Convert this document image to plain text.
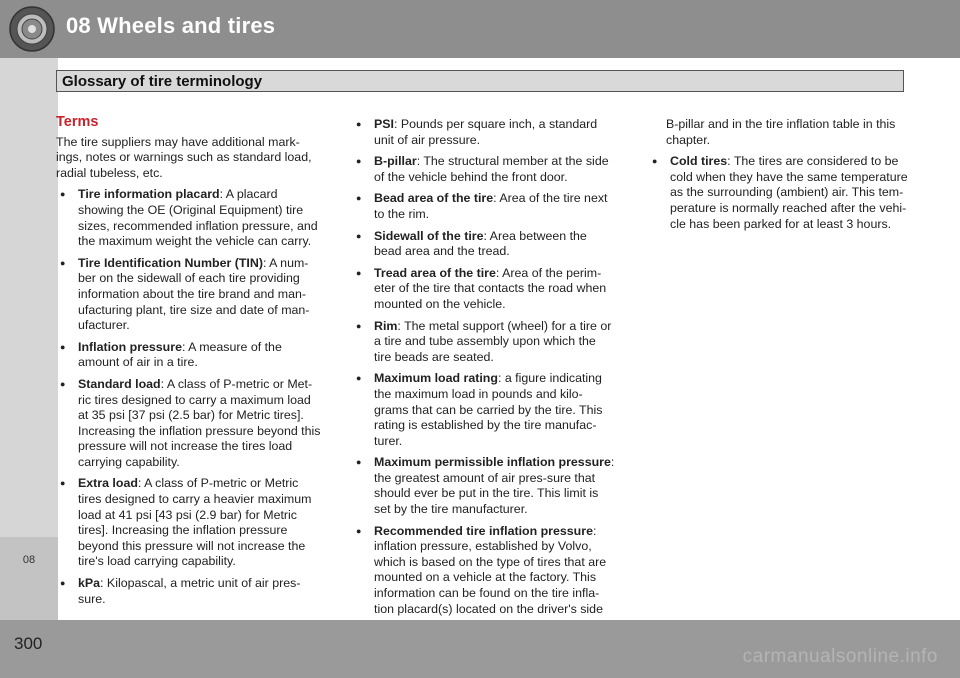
08 Wheels and tires
08
Glossary of tire terminology
Terms
The tire suppliers may have additional mark-ings, notes or warnings such as standard load, radial tubeless, etc.
● Tire information placard: A placard showing the OE (Original Equipment) tire sizes, recommended inflation pressure, and the maximum weight the vehicle can carry.
● Tire Identification Number (TIN): A num-ber on the sidewall of each tire providing information about the tire brand and man-ufacturing plant, tire size and date of man-ufacturer.
● Inflation pressure: A measure of the amount of air in a tire.
● Standard load: A class of P-metric or Met-ric tires designed to carry a maximum load at 35 psi [37 psi (2.5 bar) for Metric tires]. Increasing the inflation pressure beyond this pressure will not increase the tires load carrying capability.
● Extra load: A class of P-metric or Metric tires designed to carry a heavier maximum load at 41 psi [43 psi (2.9 bar) for Metric tires]. Increasing the inflation pressure beyond this pressure will not increase the tire's load carrying capability.
● kPa: Kilopascal, a metric unit of air pres-sure.
● PSI: Pounds per square inch, a standard unit of air pressure.
● B-pillar: The structural member at the side of the vehicle behind the front door.
● Bead area of the tire: Area of the tire next to the rim.
● Sidewall of the tire: Area between the bead area and the tread.
● Tread area of the tire: Area of the perim-eter of the tire that contacts the road when mounted on the vehicle.
● Rim: The metal support (wheel) for a tire or a tire and tube assembly upon which the tire beads are seated.
● Maximum load rating: a figure indicating the maximum load in pounds and kilo-grams that can be carried by the tire. This rating is established by the tire manufac-turer.
● Maximum permissible inflation pressure: the greatest amount of air pres-sure that should ever be put in the tire. This limit is set by the tire manufacturer.
● Recommended tire inflation pressure: inflation pressure, established by Volvo, which is based on the type of tires that are mounted on a vehicle at the factory. This information can be found on the tire infla-tion placard(s) located on the driver's side
B-pillar and in the tire inflation table in this chapter.
● Cold tires: The tires are considered to be cold when they have the same temperature as the surrounding (ambient) air. This tem-perature is normally reached after the vehi-cle has been parked for at least 3 hours.
300
carmanualsonline.info
